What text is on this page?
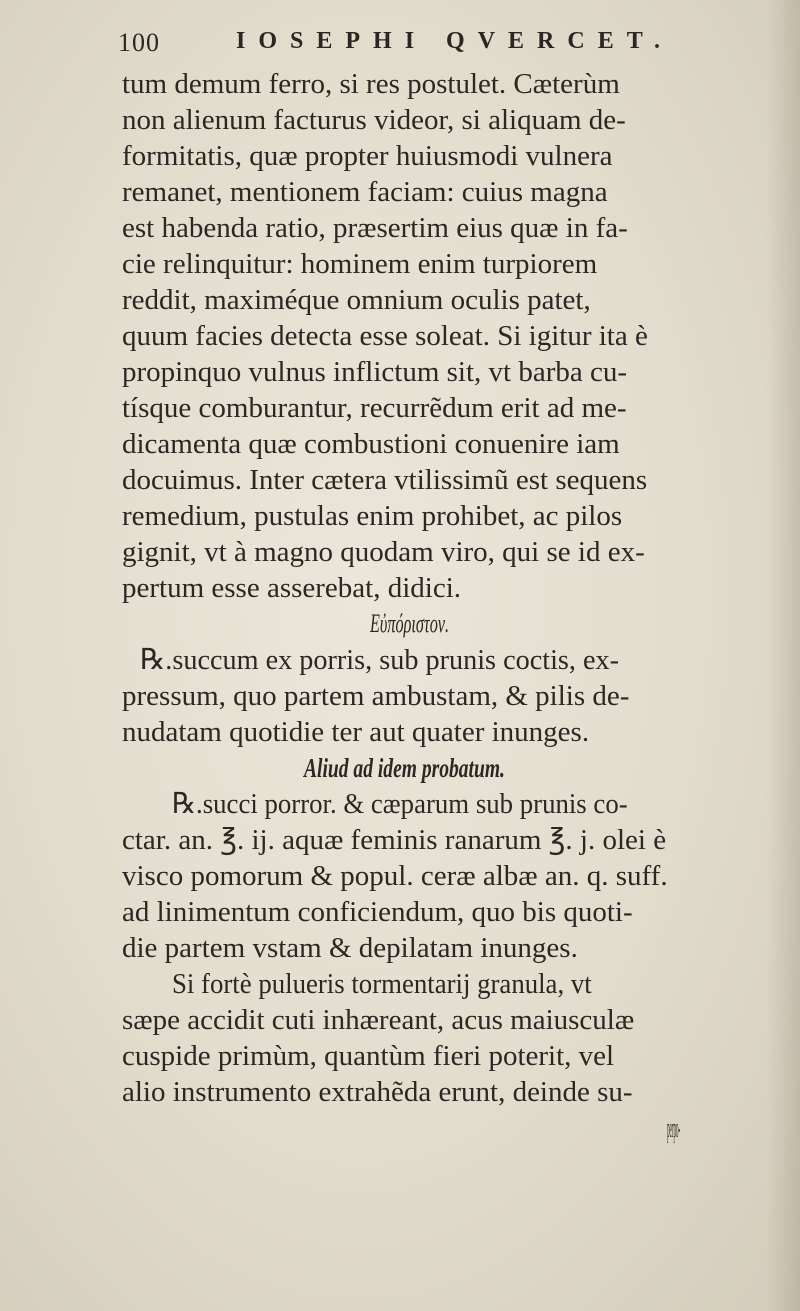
100	IOSEPHI QVERCET.
tum demum ferro, si res postulet. Cæterùm
non alienum facturus videor, si aliquam de-
formitatis, quæ propter huiusmodi vulnera
remanet, mentionem faciam: cuius magna
est habenda ratio, præsertim eius quæ in fa-
cie relinquitur: hominem enim turpiorem
reddit, maximéque omnium oculis patet,
quum facies detecta esse soleat. Si igitur ita è
propinquo vulnus inflictum sit, vt barba cu-
tísque comburantur, recurrẽdum erit ad me-
dicamenta quæ combustioni conuenire iam
docuimus. Inter cætera vtilissimũ est sequens
remedium, pustulas enim prohibet, ac pilos
gignit, vt à magno quodam viro, qui se id ex-
pertum esse asserebat, didici.
Εὐπόριστον.
℞.succum ex porris, sub prunis coctis, ex-
pressum, quo partem ambustam, & pilis de-
nudatam quotidie ter aut quater inunges.
Aliud ad idem probatum.
℞.succi porror. & cæparum sub prunis co-
ctar. an. ℥. ij. aquæ feminis ranarum ℥. j. olei è
visco pomorum & popul. ceræ albæ an. q. suff.
ad linimentum conficiendum, quo bis quoti-
die partem vstam & depilatam inunges.
Si fortè pulueris tormentarij granula, vt
sæpe accidit cuti inhæreant, acus maiusculæ
cuspide primùm, quantùm fieri poterit, vel
alio instrumento extrahẽda erunt, deinde su-
perpo-
